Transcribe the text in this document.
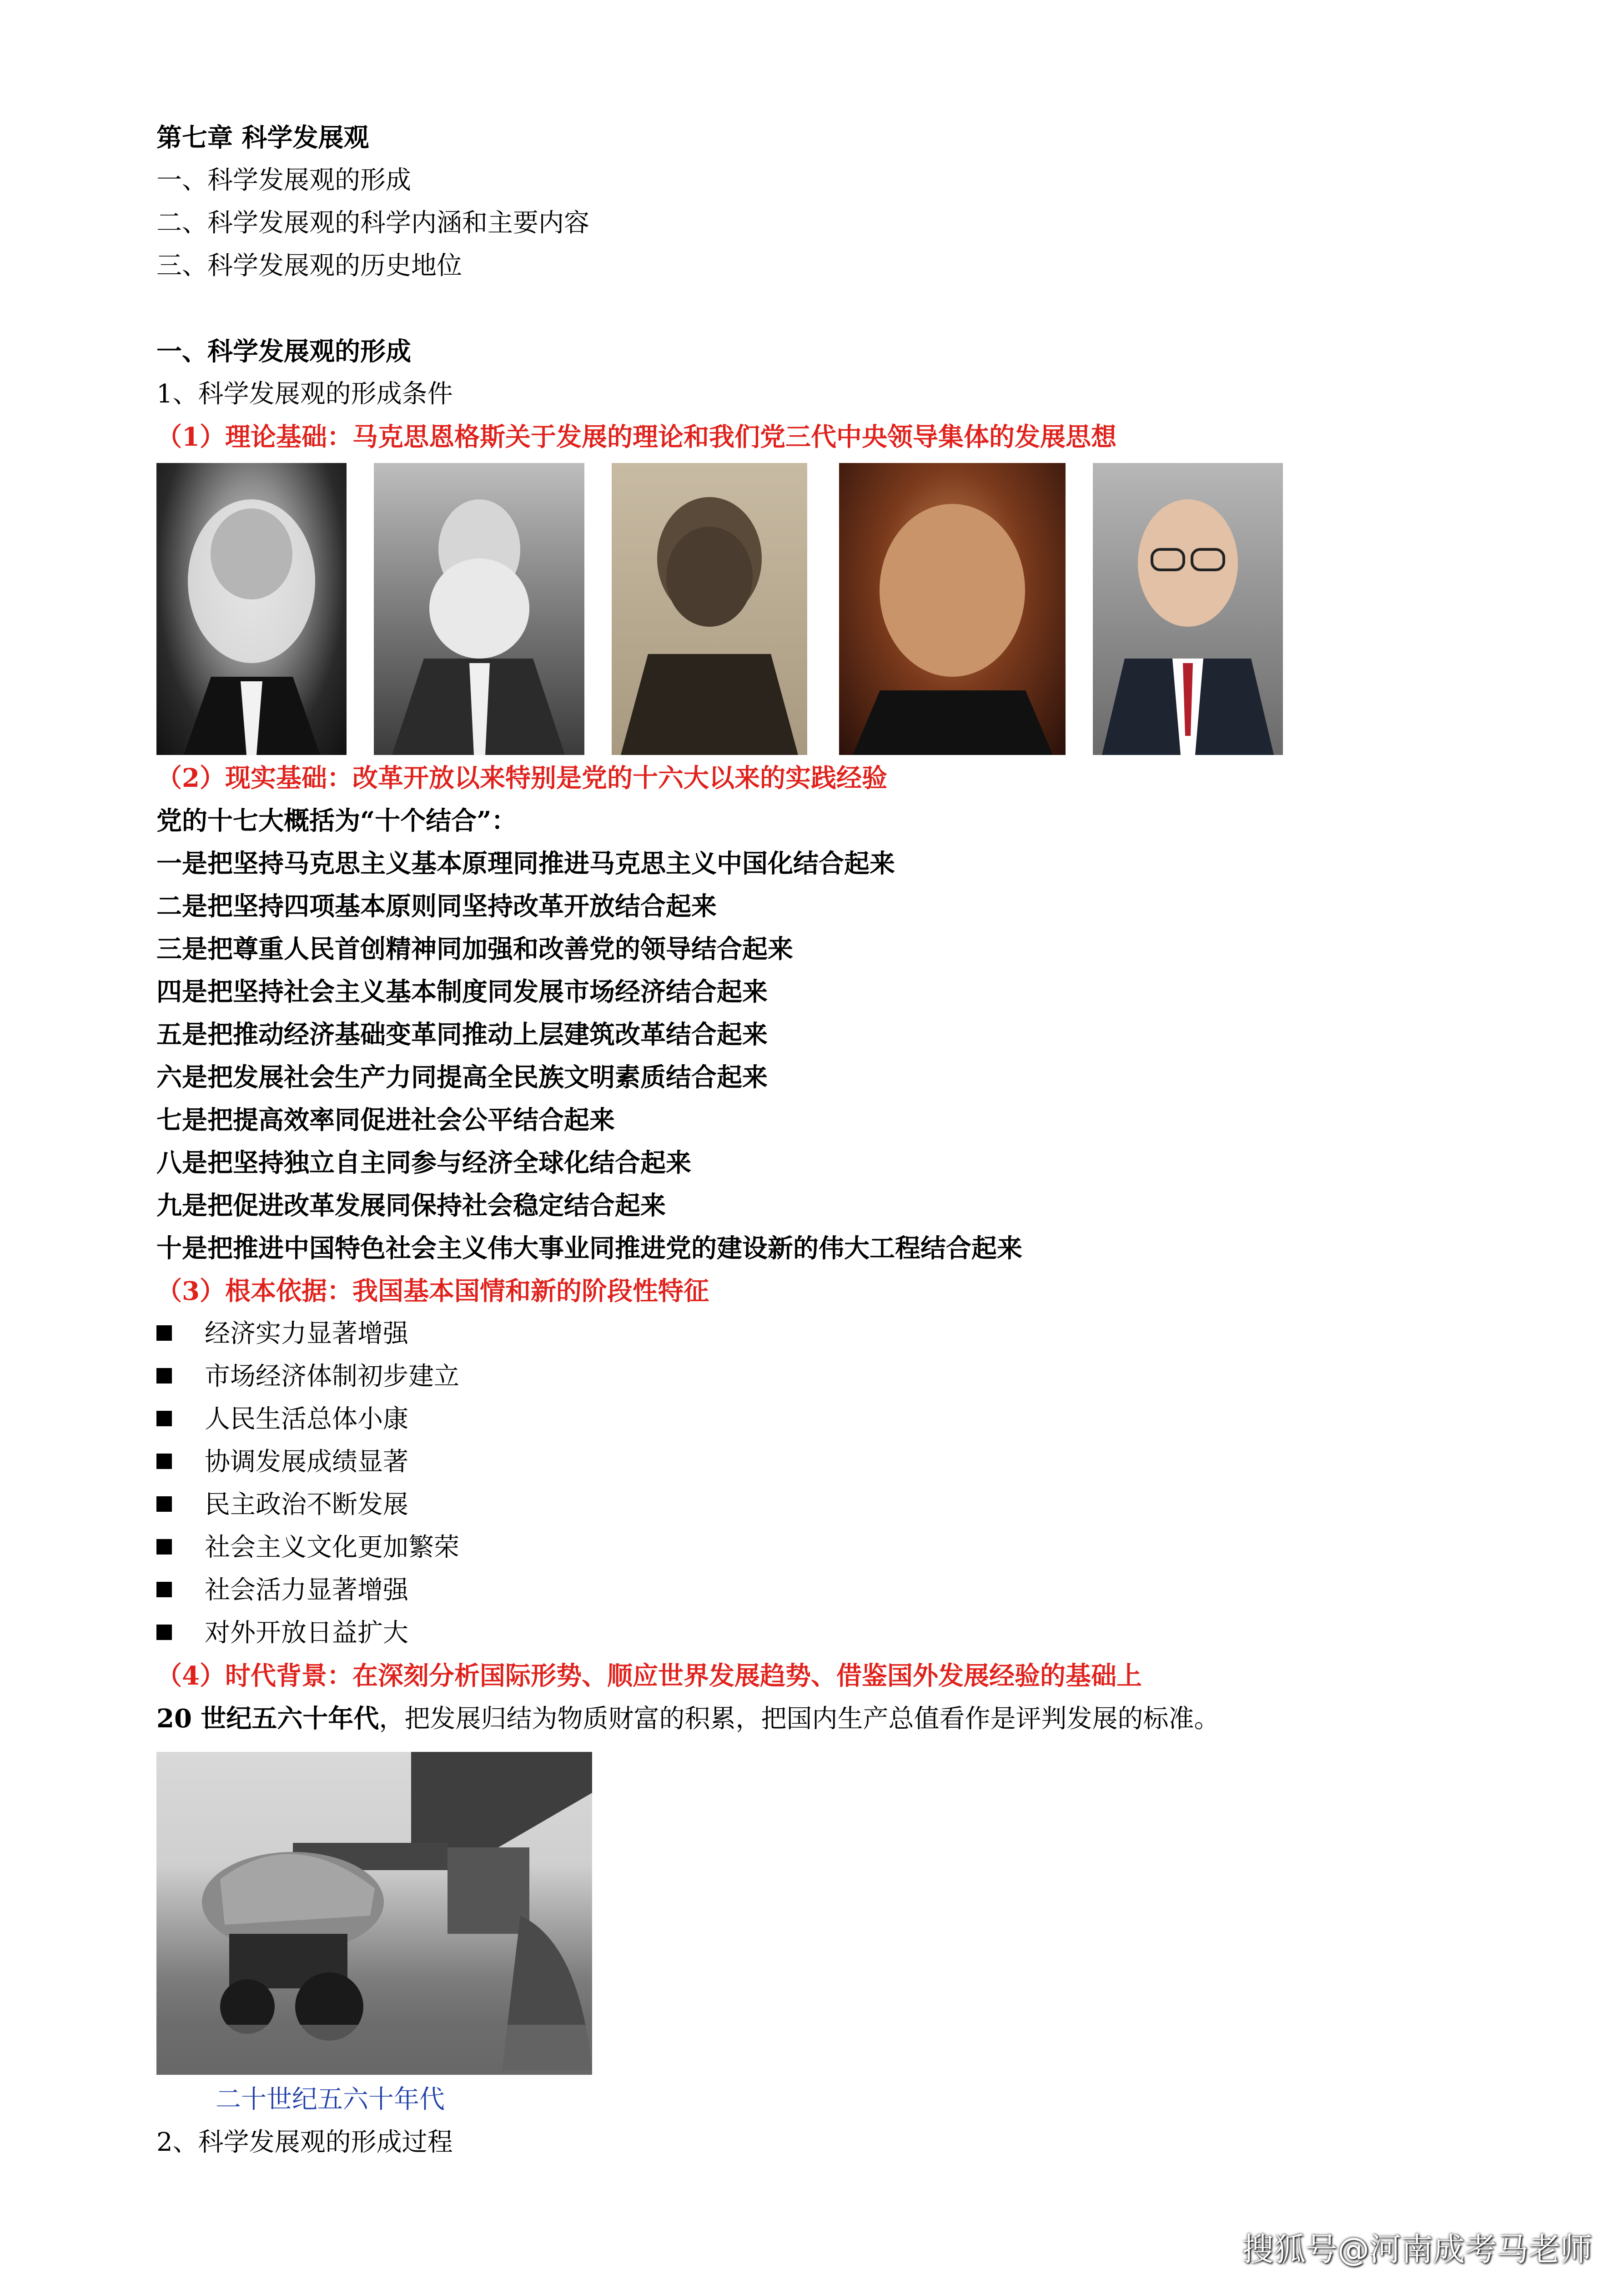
第七章 科学发展观
一、科学发展观的形成
二、科学发展观的科学内涵和主要内容
三、科学发展观的历史地位
一、科学发展观的形成
1、科学发展观的形成条件
（1）理论基础：马克思恩格斯关于发展的理论和我们党三代中央领导集体的发展思想
（2）现实基础：改革开放以来特别是党的十六大以来的实践经验
党的十七大概括为“十个结合”：
一是把坚持马克思主义基本原理同推进马克思主义中国化结合起来
二是把坚持四项基本原则同坚持改革开放结合起来
三是把尊重人民首创精神同加强和改善党的领导结合起来
四是把坚持社会主义基本制度同发展市场经济结合起来
五是把推动经济基础变革同推动上层建筑改革结合起来
六是把发展社会生产力同提高全民族文明素质结合起来
七是把提高效率同促进社会公平结合起来
八是把坚持独立自主同参与经济全球化结合起来
九是把促进改革发展同保持社会稳定结合起来
十是把推进中国特色社会主义伟大事业同推进党的建设新的伟大工程结合起来
（3）根本依据：我国基本国情和新的阶段性特征
经济实力显著增强
市场经济体制初步建立
人民生活总体小康
协调发展成绩显著
民主政治不断发展
社会主义文化更加繁荣
社会活力显著增强
对外开放日益扩大
（4）时代背景：在深刻分析国际形势、顺应世界发展趋势、借鉴国外发展经验的基础上
20 世纪五六十年代，把发展归结为物质财富的积累，把国内生产总值看作是评判发展的标准。
二十世纪五六十年代
2、科学发展观的形成过程
搜狐号@河南成考马老师
